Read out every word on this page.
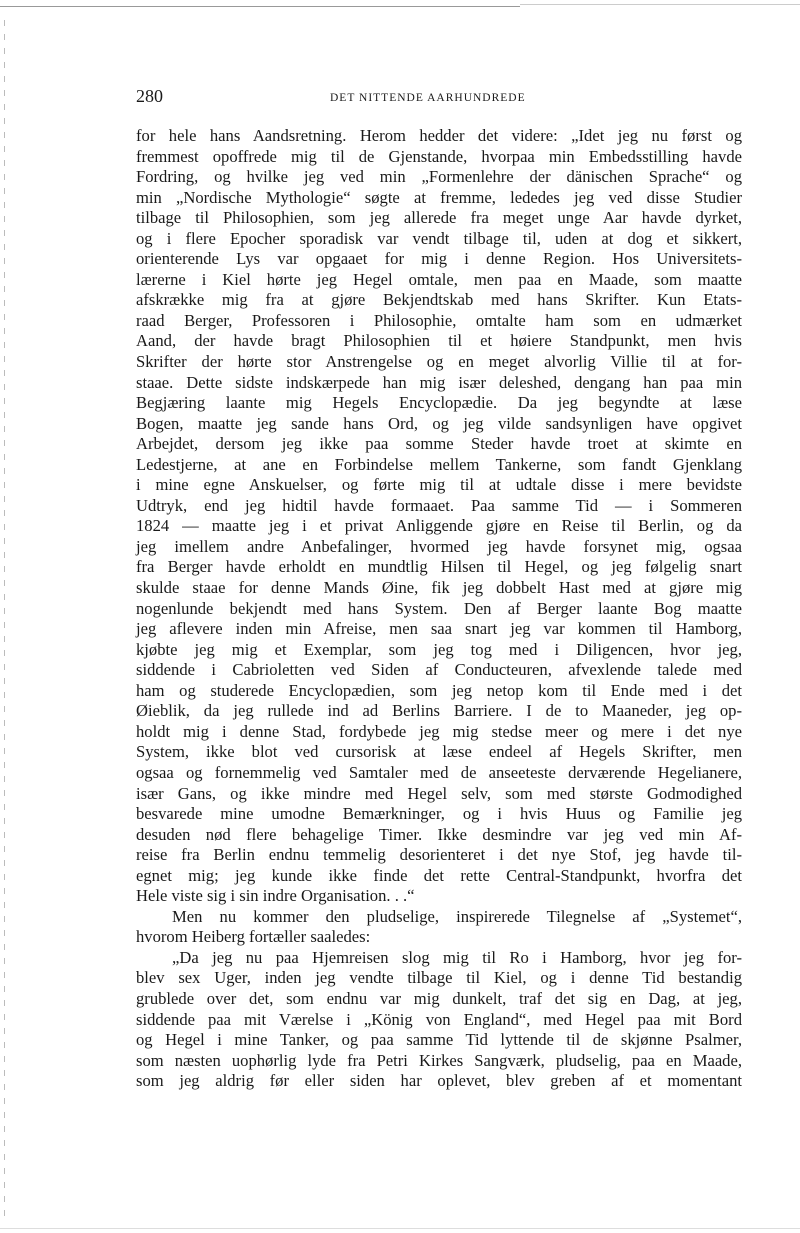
280	DET NITTENDE AARHUNDREDE
for hele hans Aandsretning. Herom hedder det videre: „Idet jeg nu først og
fremmest opoffrede mig til de Gjenstande, hvorpaa min Embedsstilling havde
Fordring, og hvilke jeg ved min „Formenlehre der dänischen Sprache“ og
min „Nordische Mythologie“ søgte at fremme, lededes jeg ved disse Studier
tilbage til Philosophien, som jeg allerede fra meget unge Aar havde dyrket,
og i flere Epocher sporadisk var vendt tilbage til, uden at dog et sikkert,
orienterende Lys var opgaaet for mig i denne Region. Hos Universitets-
lærerne i Kiel hørte jeg Hegel omtale, men paa en Maade, som maatte
afskrække mig fra at gjøre Bekjendtskab med hans Skrifter. Kun Etats-
raad Berger, Professoren i Philosophie, omtalte ham som en udmærket
Aand, der havde bragt Philosophien til et høiere Standpunkt, men hvis
Skrifter der hørte stor Anstrengelse og en meget alvorlig Villie til at for-
staae. Dette sidste indskærpede han mig især deleshed, dengang han paa min
Begjæring laante mig Hegels Encyclopædie. Da jeg begyndte at læse
Bogen, maatte jeg sande hans Ord, og jeg vilde sandsynligen have opgivet
Arbejdet, dersom jeg ikke paa somme Steder havde troet at skimte en
Ledestjerne, at ane en Forbindelse mellem Tankerne, som fandt Gjenklang
i mine egne Anskuelser, og førte mig til at udtale disse i mere bevidste
Udtryk, end jeg hidtil havde formaaet. Paa samme Tid — i Sommeren
1824 — maatte jeg i et privat Anliggende gjøre en Reise til Berlin, og da
jeg imellem andre Anbefalinger, hvormed jeg havde forsynet mig, ogsaa
fra Berger havde erholdt en mundtlig Hilsen til Hegel, og jeg følgelig snart
skulde staae for denne Mands Øine, fik jeg dobbelt Hast med at gjøre mig
nogenlunde bekjendt med hans System. Den af Berger laante Bog maatte
jeg aflevere inden min Afreise, men saa snart jeg var kommen til Hamborg,
kjøbte jeg mig et Exemplar, som jeg tog med i Diligencen, hvor jeg,
siddende i Cabrioletten ved Siden af Conducteuren, afvexlende talede med
ham og studerede Encyclopædien, som jeg netop kom til Ende med i det
Øieblik, da jeg rullede ind ad Berlins Barriere. I de to Maaneder, jeg op-
holdt mig i denne Stad, fordybede jeg mig stedse meer og mere i det nye
System, ikke blot ved cursorisk at læse endeel af Hegels Skrifter, men
ogsaa og fornemmelig ved Samtaler med de anseeteste derværende Hegelianere,
især Gans, og ikke mindre med Hegel selv, som med største Godmodighed
besvarede mine umodne Bemærkninger, og i hvis Huus og Familie jeg
desuden nød flere behagelige Timer. Ikke desmindre var jeg ved min Af-
reise fra Berlin endnu temmelig desorienteret i det nye Stof, jeg havde til-
egnet mig; jeg kunde ikke finde det rette Central-Standpunkt, hvorfra det
Hele viste sig i sin indre Organisation. . .“
Men nu kommer den pludselige, inspirerede Tilegnelse af „Systemet“,
hvorom Heiberg fortæller saaledes:
„Da jeg nu paa Hjemreisen slog mig til Ro i Hamborg, hvor jeg for-
blev sex Uger, inden jeg vendte tilbage til Kiel, og i denne Tid bestandig
grublede over det, som endnu var mig dunkelt, traf det sig en Dag, at jeg,
siddende paa mit Værelse i „König von England“, med Hegel paa mit Bord
og Hegel i mine Tanker, og paa samme Tid lyttende til de skjønne Psalmer,
som næsten uophørlig lyde fra Petri Kirkes Sangværk, pludselig, paa en Maade,
som jeg aldrig før eller siden har oplevet, blev greben af et momentant
